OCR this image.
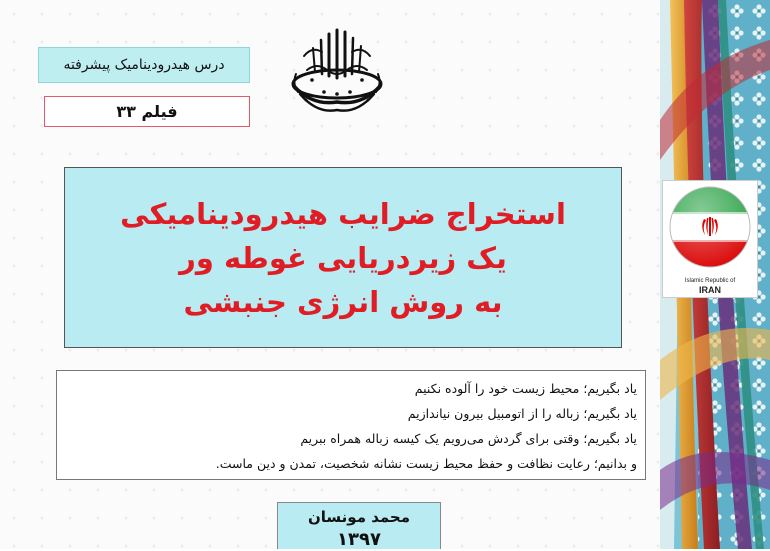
درس هیدرودینامیک پیشرفته
فیلم ۳۳
استخراج ضرایب هیدرودینامیکی
یک زیردریایی غوطه ور
به روش انرژی جنبشی
یاد بگیریم؛ محیط زیست خود را آلوده نکنیم
یاد بگیریم؛ زباله را از اتومبیل بیرون نیاندازیم
یاد بگیریم؛ وقتی برای گردش می‌رویم یک کیسه زباله همراه ببریم
و بدانیم؛ رعایت نظافت و حفظ محیط زیست نشانه شخصیت، تمدن و دین ماست.
محمد مونسان
۱۳۹۷
Islamic Republic of
IRAN
